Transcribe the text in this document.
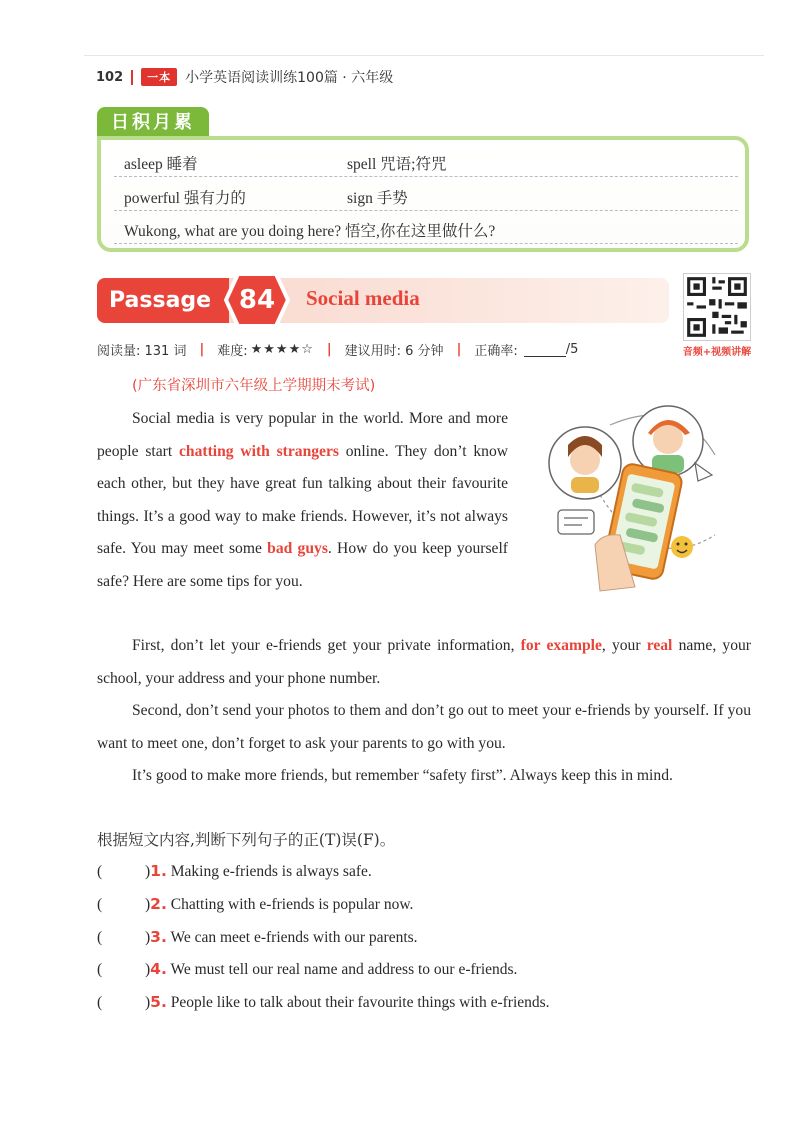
102	一本	小学英语阅读训练100篇 · 六年级
日积月累
asleep 睡着	spell 咒语;符咒
powerful 强有力的	sign 手势
Wukong, what are you doing here? 悟空,你在这里做什么?
Passage	84	Social media
音频+视频讲解
阅读量: 131 词 | 难度: ★★★★☆ | 建议用时: 6 分钟 | 正确率:	/5
(广东省深圳市六年级上学期期末考试)
Social media is very popular in the world. More and more people start chatting with strangers online. They don’t know each other, but they have great fun talking about their favourite things. It’s a good way to make friends. However, it’s not always safe. You may meet some bad guys. How do you keep yourself safe? Here are some tips for you.
First, don’t let your e-friends get your private information, for example, your real name, your school, your address and your phone number.
Second, don’t send your photos to them and don’t go out to meet your e-friends by yourself. If you want to meet one, don’t forget to ask your parents to go with you.
It’s good to make more friends, but remember “safety first”. Always keep this in mind.
根据短文内容,判断下列句子的正(T)误(F)。
(	)1. Making e-friends is always safe.
(	)2. Chatting with e-friends is popular now.
(	)3. We can meet e-friends with our parents.
(	)4. We must tell our real name and address to our e-friends.
(	)5. People like to talk about their favourite things with e-friends.
